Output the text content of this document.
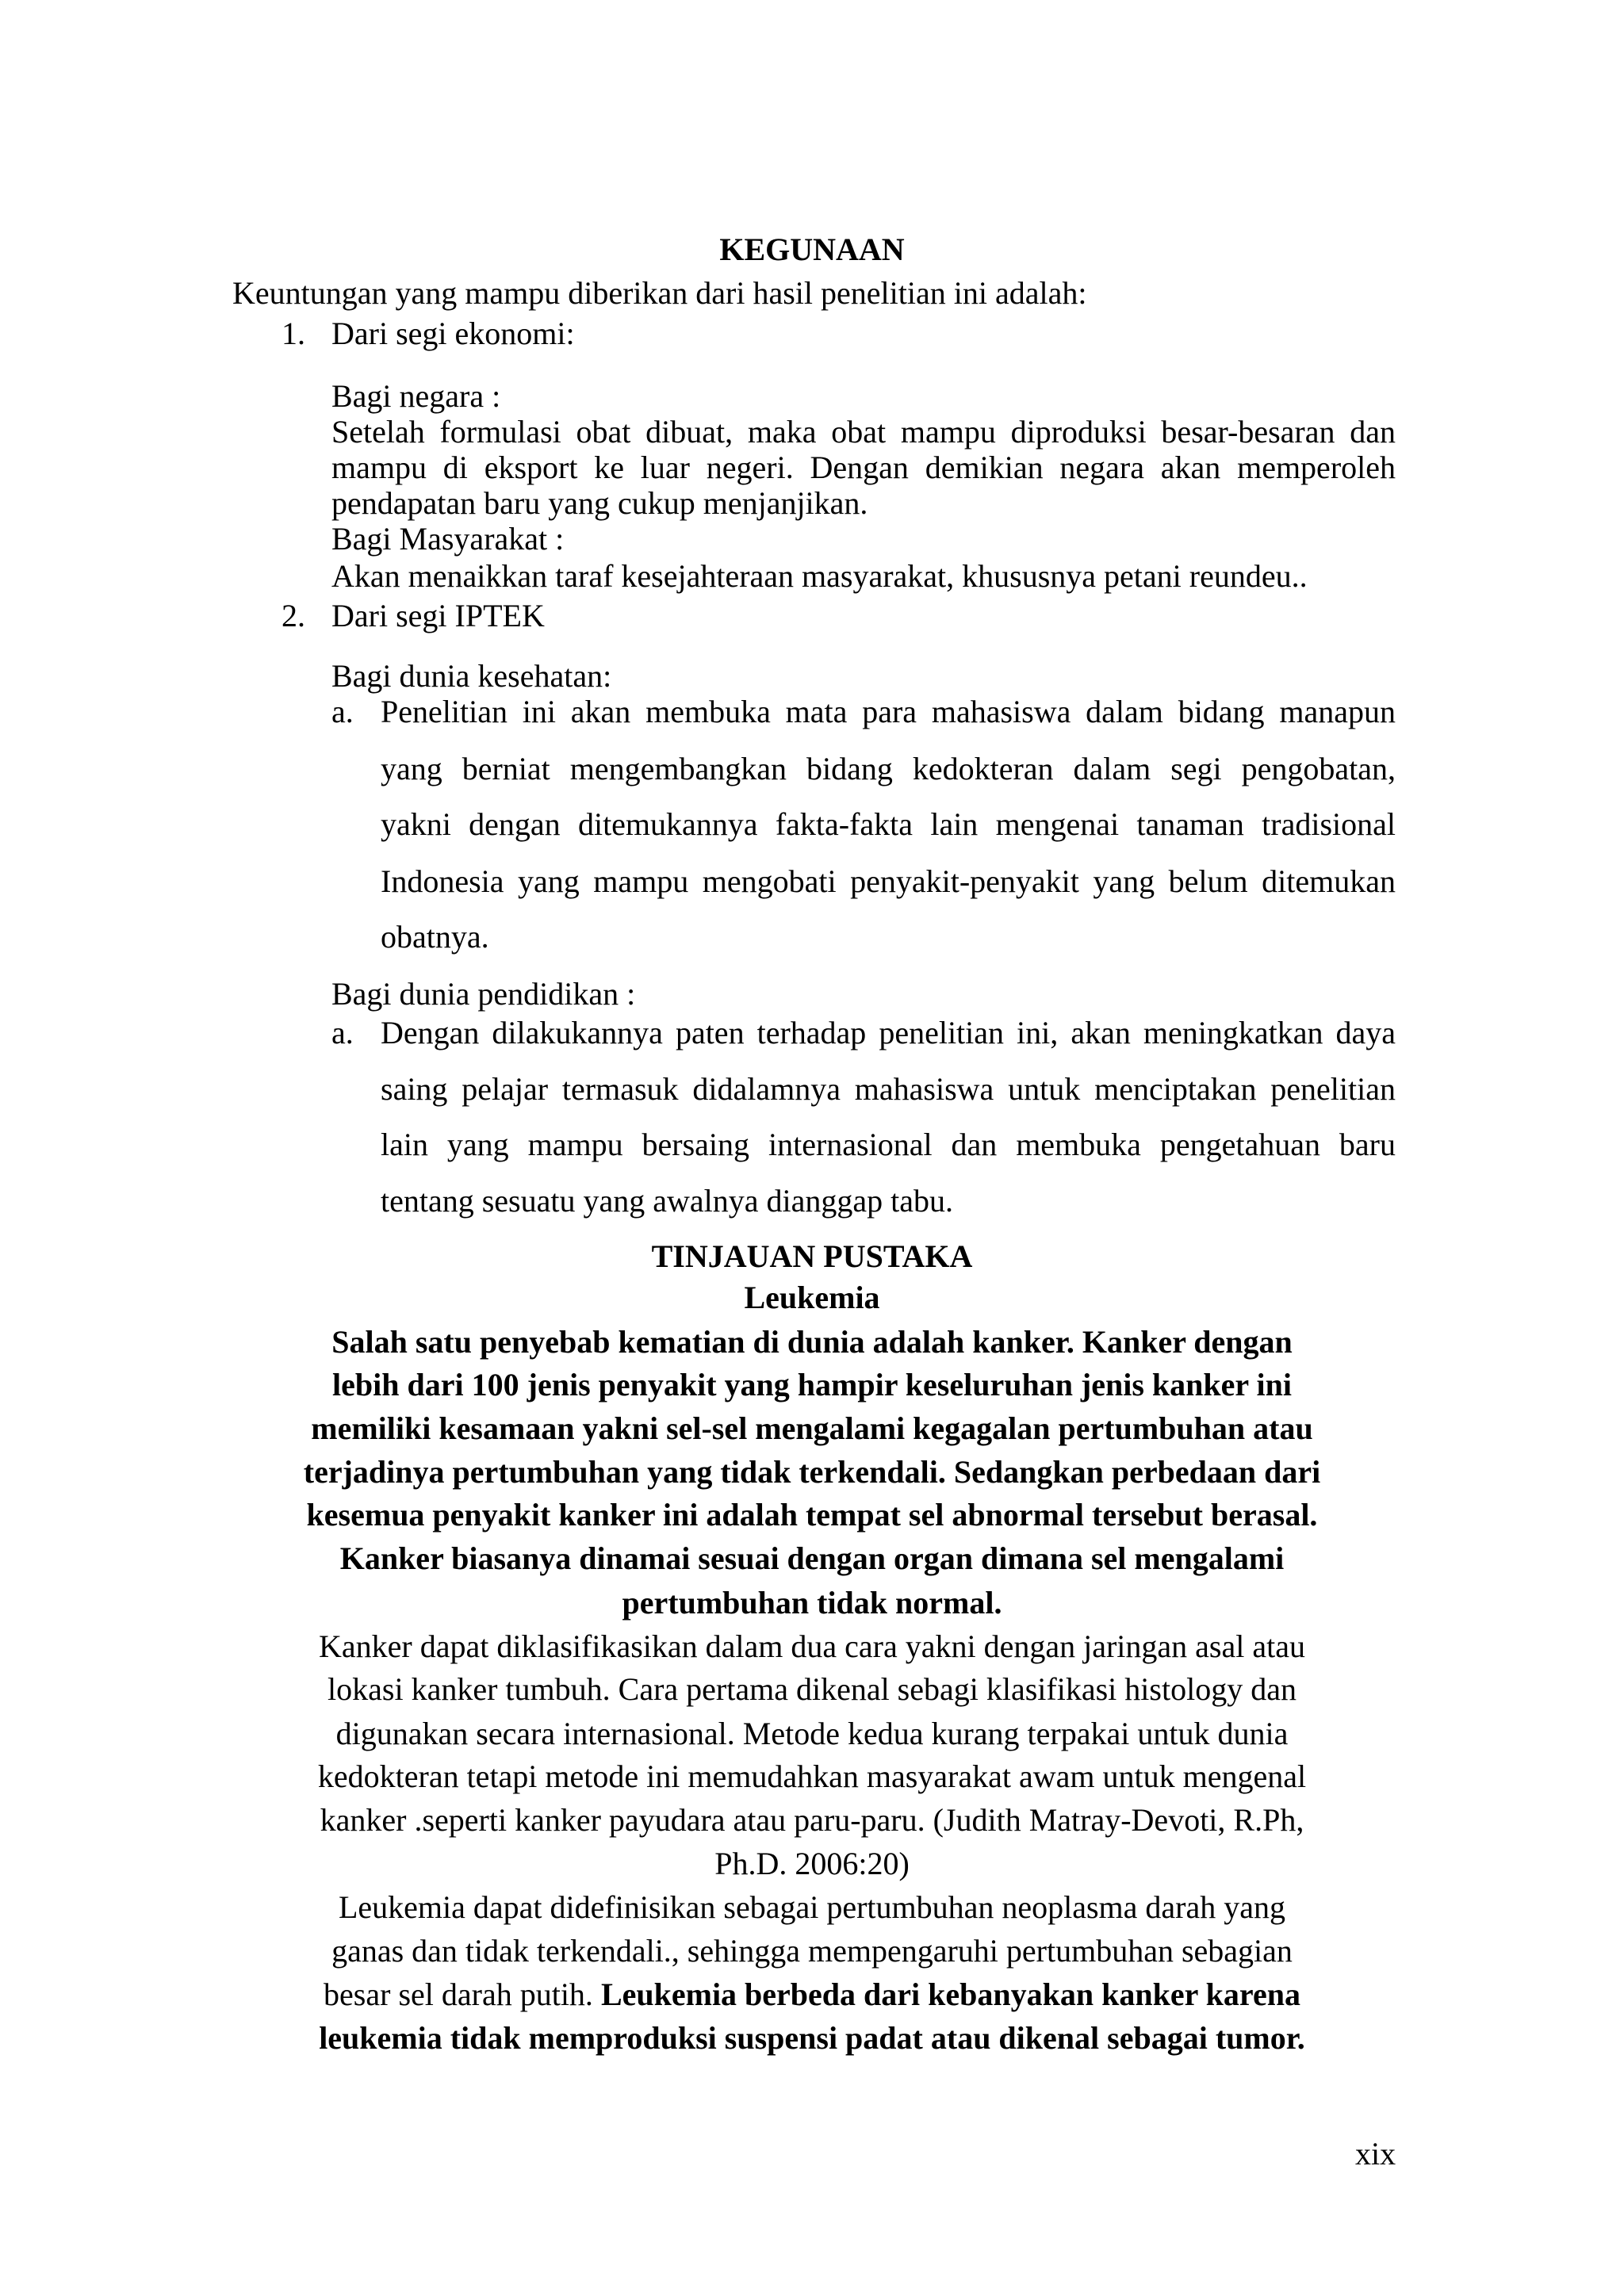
KEGUNAAN
Keuntungan yang mampu diberikan dari hasil penelitian ini adalah:
1. Dari segi ekonomi:
Bagi negara :
Setelah formulasi obat dibuat, maka obat mampu diproduksi besar-besaran dan
mampu di eksport ke luar negeri. Dengan demikian negara akan memperoleh
pendapatan baru yang cukup menjanjikan.
Bagi Masyarakat :
Akan menaikkan taraf kesejahteraan masyarakat, khususnya petani reundeu..
2. Dari segi IPTEK
Bagi dunia kesehatan:
a. Penelitian ini akan membuka mata para mahasiswa dalam bidang manapun
yang berniat mengembangkan bidang kedokteran dalam segi pengobatan,
yakni dengan ditemukannya fakta-fakta lain mengenai tanaman tradisional
Indonesia yang mampu mengobati penyakit-penyakit yang belum ditemukan
obatnya.
Bagi dunia pendidikan :
a. Dengan dilakukannya paten terhadap penelitian ini, akan meningkatkan daya
saing pelajar termasuk didalamnya mahasiswa untuk menciptakan penelitian
lain yang mampu bersaing internasional dan membuka pengetahuan baru
tentang sesuatu yang awalnya dianggap tabu.
TINJAUAN PUSTAKA
Leukemia
Salah satu penyebab kematian di dunia adalah kanker. Kanker dengan
lebih dari 100 jenis penyakit yang hampir keseluruhan jenis kanker ini
memiliki kesamaan yakni sel-sel mengalami kegagalan pertumbuhan atau
terjadinya pertumbuhan yang tidak terkendali. Sedangkan perbedaan dari
kesemua penyakit kanker ini adalah tempat sel abnormal tersebut berasal.
Kanker biasanya dinamai sesuai dengan organ dimana sel mengalami
pertumbuhan tidak normal.
Kanker dapat diklasifikasikan dalam dua cara yakni dengan jaringan asal atau
lokasi kanker tumbuh. Cara pertama dikenal sebagi klasifikasi histology dan
digunakan secara internasional. Metode kedua kurang terpakai untuk dunia
kedokteran tetapi metode ini memudahkan masyarakat awam untuk mengenal
kanker .seperti kanker payudara atau paru-paru. (Judith Matray-Devoti, R.Ph,
Ph.D. 2006:20)
Leukemia dapat didefinisikan sebagai pertumbuhan neoplasma darah yang
ganas dan tidak terkendali., sehingga mempengaruhi pertumbuhan sebagian
besar sel darah putih. Leukemia berbeda dari kebanyakan kanker karena
leukemia tidak memproduksi suspensi padat atau dikenal sebagai tumor.
xix
